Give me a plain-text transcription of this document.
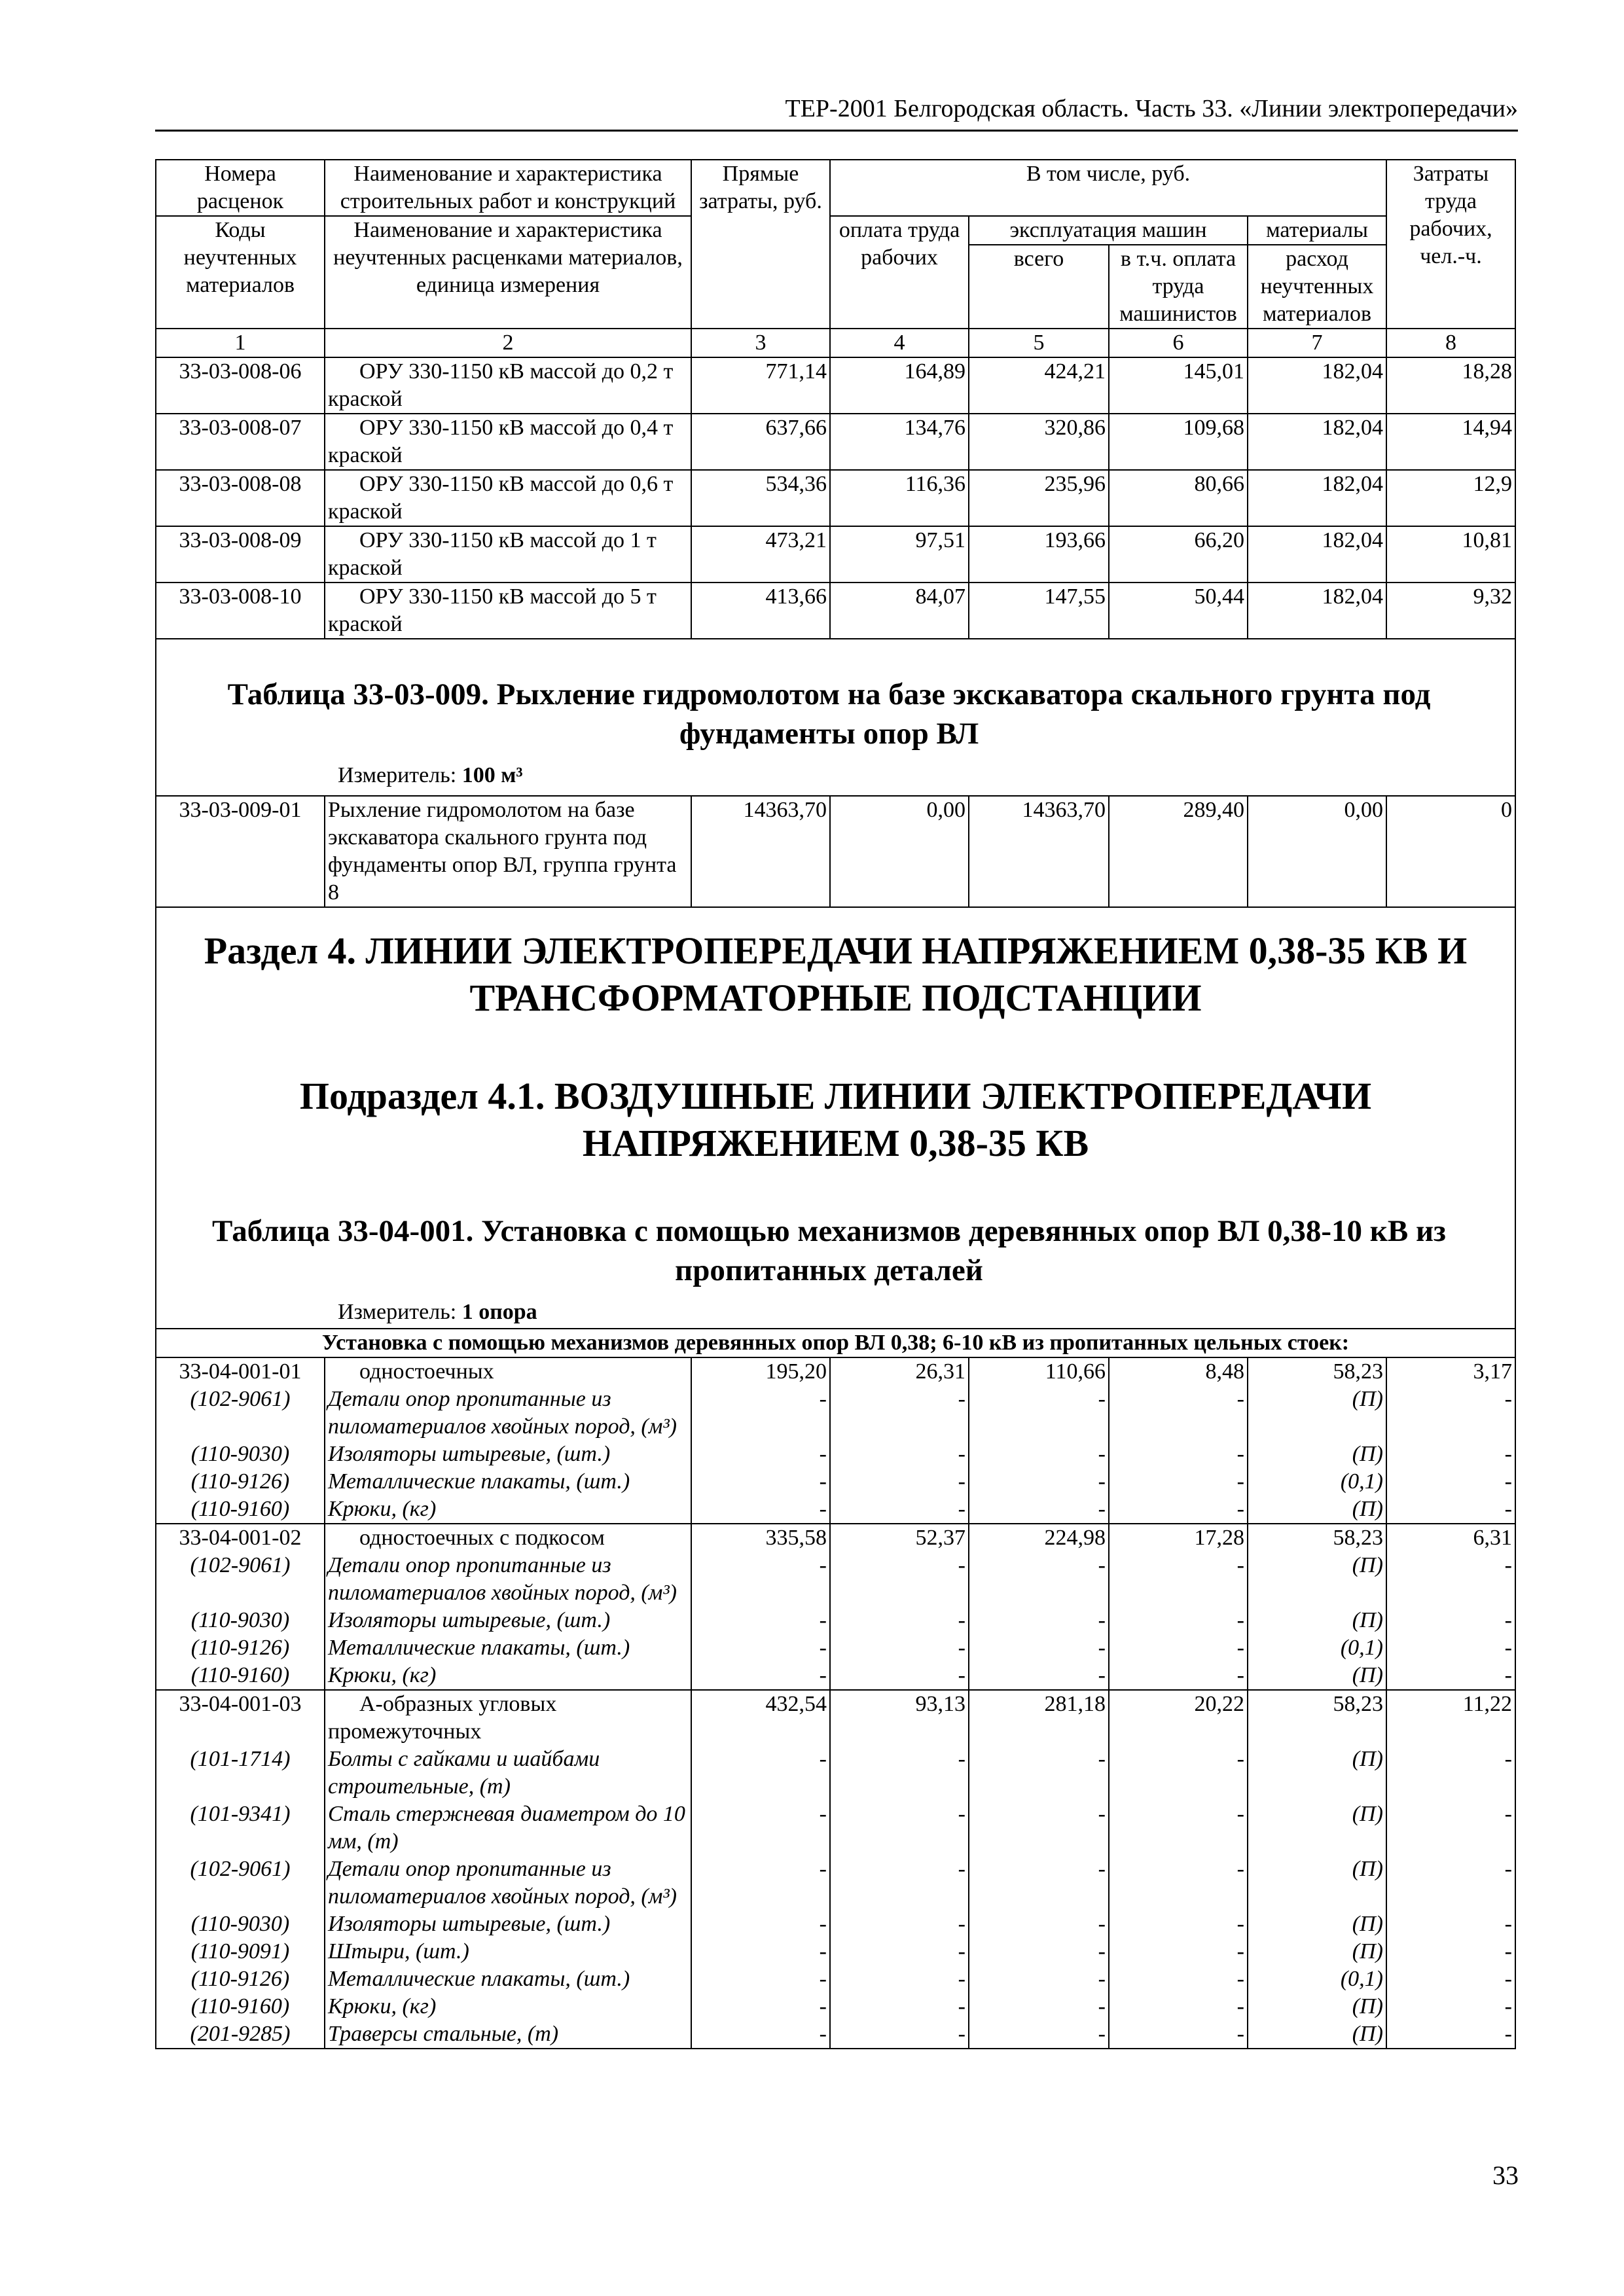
ТЕР-2001 Белгородская область. Часть 33. «Линии электропередачи»
Номера расценок	Наименование и характеристика строительных работ и конструкций	Прямые затраты, руб.	В том числе, руб.				Затраты труда рабочих, чел.-ч.
Коды неучтенных материалов	Наименование и характеристика неучтенных расценками материалов, единица измерения		оплата труда рабочих	эксплуатация машин		материалы	
				всего	в т.ч. оплата труда машинистов	расход неучтенных материалов	
1	2	3	4	5	6	7	8
33-03-008-06	ОРУ 330-1150 кВ массой до 0,2 т краской	771,14	164,89	424,21	145,01	182,04	18,28
33-03-008-07	ОРУ 330-1150 кВ массой до 0,4 т краской	637,66	134,76	320,86	109,68	182,04	14,94
33-03-008-08	ОРУ 330-1150 кВ массой до 0,6 т краской	534,36	116,36	235,96	80,66	182,04	12,9
33-03-008-09	ОРУ 330-1150 кВ массой до 1 т краской	473,21	97,51	193,66	66,20	182,04	10,81
33-03-008-10	ОРУ 330-1150 кВ массой до 5 т краской	413,66	84,07	147,55	50,44	182,04	9,32

Таблица 33-03-009. Рыхление гидромолотом на базе экскаватора скального грунта под фундаменты опор ВЛ
Измеритель: 100 м³							

33-03-009-01	Рыхление гидромолотом на базе экскаватора скального грунта под фундаменты опор ВЛ, группа грунта 8	14363,70	0,00	14363,70	289,40	0,00	0

Раздел 4. ЛИНИИ ЭЛЕКТРОПЕРЕДАЧИ НАПРЯЖЕНИЕМ 0,38-35 КВ И ТРАНСФОРМАТОРНЫЕ ПОДСТАНЦИИ
Подраздел 4.1. ВОЗДУШНЫЕ ЛИНИИ ЭЛЕКТРОПЕРЕДАЧИ НАПРЯЖЕНИЕМ 0,38-35 КВ
Таблица 33-04-001. Установка с помощью механизмов деревянных опор ВЛ 0,38-10 кВ из пропитанных деталей
Измеритель: 1 опора							

Установка с помощью механизмов деревянных опор ВЛ 0,38; 6-10 кВ из пропитанных цельных стоек:							
33-04-001-01	одностоечных	195,20	26,31	110,66	8,48	58,23	3,17
(102-9061)	Детали опор пропитанные из пиломатериалов хвойных пород, (м³)	-	-	-	-	(П)	-
(110-9030)	Изоляторы штыревые, (шт.)	-	-	-	-	(П)	-
(110-9126)	Металлические плакаты, (шт.)	-	-	-	-	(0,1)	-
(110-9160)	Крюки, (кг)	-	-	-	-	(П)	-
33-04-001-02	одностоечных с подкосом	335,58	52,37	224,98	17,28	58,23	6,31
(102-9061)	Детали опор пропитанные из пиломатериалов хвойных пород, (м³)	-	-	-	-	(П)	-
(110-9030)	Изоляторы штыревые, (шт.)	-	-	-	-	(П)	-
(110-9126)	Металлические плакаты, (шт.)	-	-	-	-	(0,1)	-
(110-9160)	Крюки, (кг)	-	-	-	-	(П)	-
33-04-001-03	А-образных угловых промежуточных	432,54	93,13	281,18	20,22	58,23	11,22
(101-1714)	Болты с гайками и шайбами строительные, (т)	-	-	-	-	(П)	-
(101-9341)	Сталь стержневая диаметром до 10 мм, (т)	-	-	-	-	(П)	-
(102-9061)	Детали опор пропитанные из пиломатериалов хвойных пород, (м³)	-	-	-	-	(П)	-
(110-9030)	Изоляторы штыревые, (шт.)	-	-	-	-	(П)	-
(110-9091)	Штыри, (шт.)	-	-	-	-	(П)	-
(110-9126)	Металлические плакаты, (шт.)	-	-	-	-	(0,1)	-
(110-9160)	Крюки, (кг)	-	-	-	-	(П)	-
(201-9285)	Траверсы стальные, (т)	-	-	-	-	(П)	-
33
